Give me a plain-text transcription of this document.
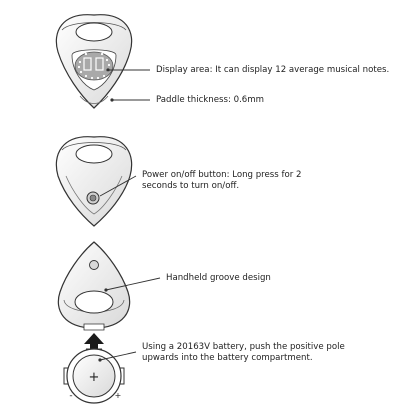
+
-	+
Display area: It can display 12 average musical notes.
Paddle thickness: 0.6mm
Power on/off button: Long press for 2 seconds to turn on/off.
Handheld groove design
Using a 20163V battery, push the positive pole upwards into the battery compartment.
